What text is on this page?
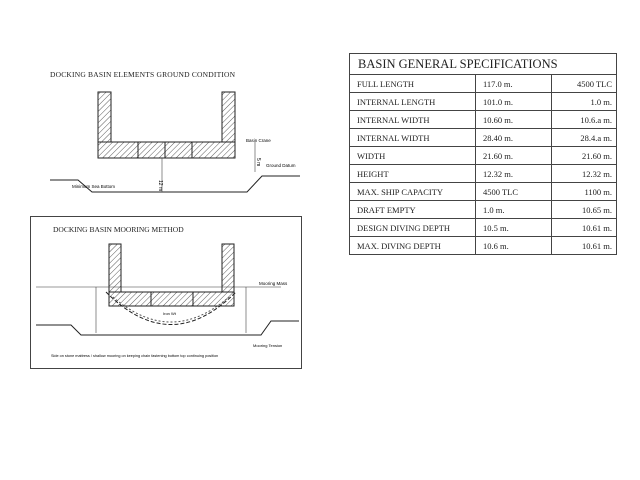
DOCKING BASIN ELEMENTS GROUND CONDITION
12 m
5 m
Basin Crane
Ground Datum
Minimum Sea Bottom
Mooring Mass
Iron Wt
Side on stone mattress / shallow mooring on keeping chain fastening bottom top continuing position
Mooring Tension
DOCKING BASIN MOORING METHOD
BASIN GENERAL SPECIFICATIONS		
FULL LENGTH	117.0 m.	4500 TLC
INTERNAL LENGTH	101.0 m.	1.0 m.
INTERNAL WIDTH	10.60 m.	10.6.a m.
INTERNAL WIDTH	28.40 m.	28.4.a m.
WIDTH	21.60 m.	21.60 m.
HEIGHT	12.32 m.	12.32 m.
MAX. SHIP CAPACITY	4500 TLC	1100 m.
DRAFT EMPTY	1.0 m.	10.65 m.
DESIGN DIVING DEPTH	10.5 m.	10.61 m.
MAX. DIVING DEPTH	10.6 m.	10.61 m.
